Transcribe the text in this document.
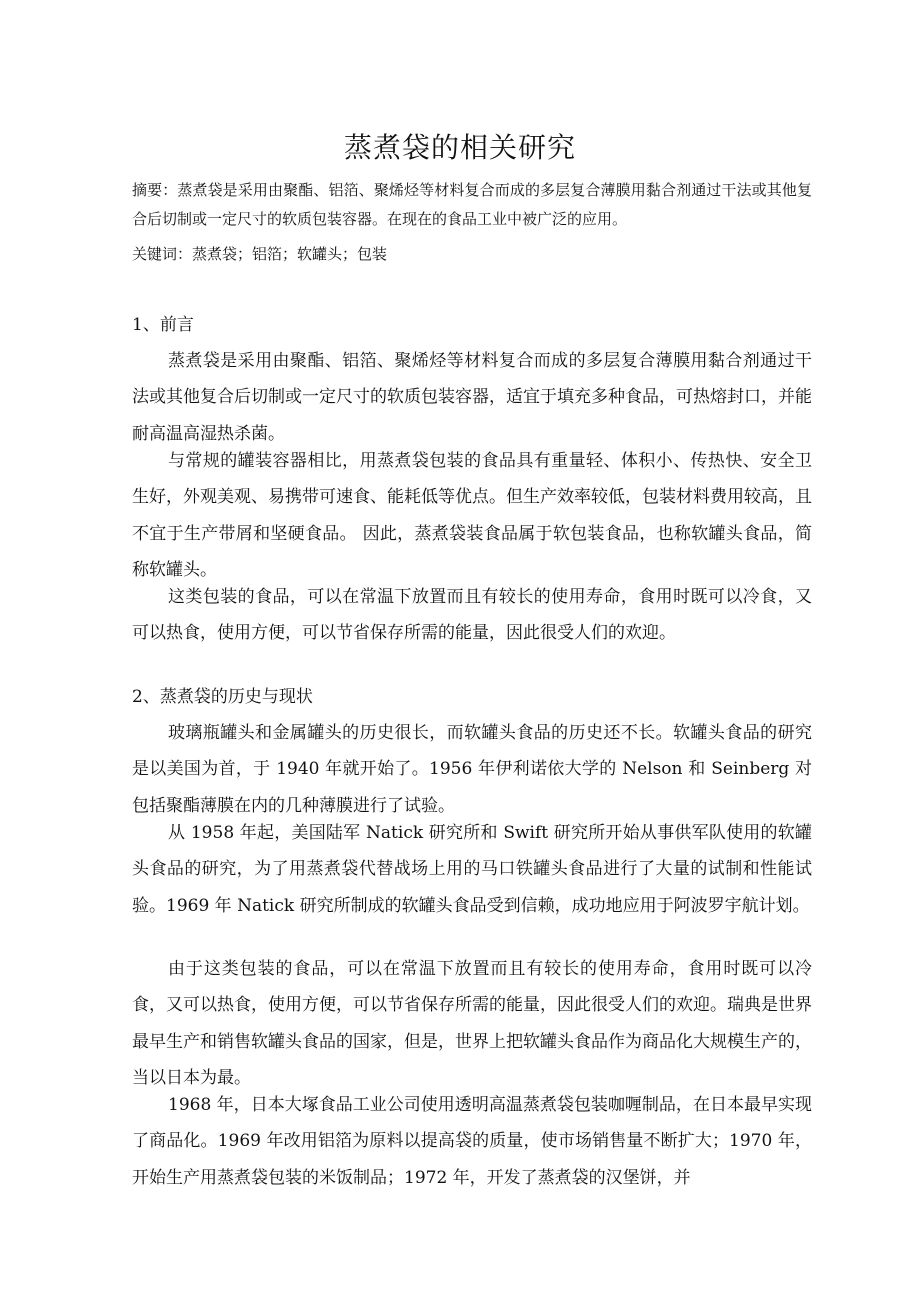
蒸煮袋的相关研究
摘要：蒸煮袋是采用由聚酯、铝箔、聚烯烃等材料复合而成的多层复合薄膜用黏合剂通过干法或其他复合后切制或一定尺寸的软质包装容器。在现在的食品工业中被广泛的应用。
关键词：蒸煮袋；铝箔；软罐头；包装
1、前言

蒸煮袋是采用由聚酯、铝箔、聚烯烃等材料复合而成的多层复合薄膜用黏合剂通过干法或其他复合后切制或一定尺寸的软质包装容器，适宜于填充多种食品，可热熔封口，并能耐高温高湿热杀菌。

与常规的罐装容器相比，用蒸煮袋包装的食品具有重量轻、体积小、传热快、安全卫生好，外观美观、易携带可速食、能耗低等优点。但生产效率较低，包装材料费用较高，且不宜于生产带屑和坚硬食品。 因此，蒸煮袋装食品属于软包装食品，也称软罐头食品，简称软罐头。

这类包装的食品，可以在常温下放置而且有较长的使用寿命，食用时既可以冷食，又可以热食，使用方便，可以节省保存所需的能量，因此很受人们的欢迎。

2、蒸煮袋的历史与现状

玻璃瓶罐头和金属罐头的历史很长，而软罐头食品的历史还不长。软罐头食品的研究是以美国为首，于 1940 年就开始了。1956 年伊利诺依大学的 Nelson 和 Seinberg 对包括聚酯薄膜在内的几种薄膜进行了试验。

从 1958 年起，美国陆军 Natick 研究所和 Swift 研究所开始从事供军队使用的软罐头食品的研究，为了用蒸煮袋代替战场上用的马口铁罐头食品进行了大量的试制和性能试验。1969 年 Natick 研究所制成的软罐头食品受到信赖，成功地应用于阿波罗宇航计划。

由于这类包装的食品，可以在常温下放置而且有较长的使用寿命，食用时既可以冷食，又可以热食，使用方便，可以节省保存所需的能量，因此很受人们的欢迎。瑞典是世界最早生产和销售软罐头食品的国家，但是，世界上把软罐头食品作为商品化大规模生产的，当以日本为最。

1968 年，日本大塚食品工业公司使用透明高温蒸煮袋包装咖喱制品，在日本最早实现了商品化。1969 年改用铝箔为原料以提高袋的质量，使市场销售量不断扩大；1970 年，开始生产用蒸煮袋包装的米饭制品；1972 年，开发了蒸煮袋的汉堡饼，并
